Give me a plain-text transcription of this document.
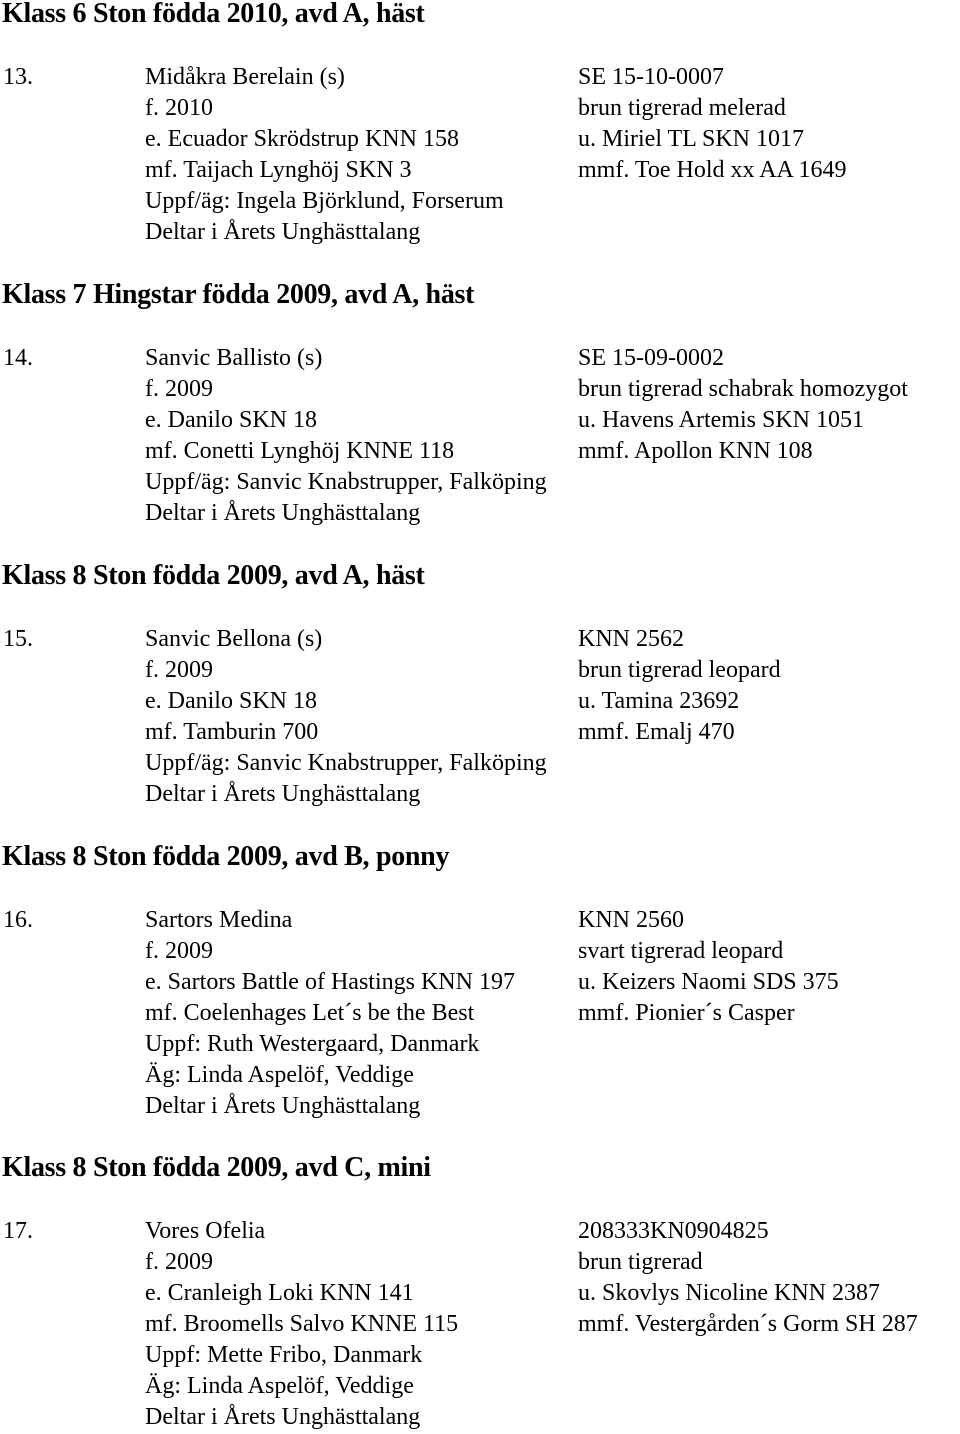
Klass 6 Ston födda 2010, avd A, häst
13.	Midåkra Berelain (s)	SE 15-10-0007
f. 2010	brun tigrerad melerad
e. Ecuador Skrödstrup KNN 158	u. Miriel TL SKN 1017
mf. Taijach Lynghöj SKN 3	mmf. Toe Hold xx AA 1649
Uppf/äg: Ingela Björklund, Forserum
Deltar i Årets Unghästtalang
Klass 7 Hingstar födda 2009, avd A, häst
14.	Sanvic Ballisto (s)	SE 15-09-0002
f. 2009	brun tigrerad schabrak homozygot
e. Danilo SKN 18	u. Havens Artemis SKN 1051
mf. Conetti Lynghöj KNNE 118	mmf. Apollon KNN 108
Uppf/äg: Sanvic Knabstrupper, Falköping
Deltar i Årets Unghästtalang
Klass 8 Ston födda 2009, avd A, häst
15.	Sanvic Bellona (s)	KNN 2562
f. 2009	brun tigrerad leopard
e. Danilo SKN 18	u. Tamina 23692
mf. Tamburin 700	mmf. Emalj 470
Uppf/äg: Sanvic Knabstrupper, Falköping
Deltar i Årets Unghästtalang
Klass 8 Ston födda 2009, avd B, ponny
16.	Sartors Medina	KNN 2560
f. 2009	svart tigrerad leopard
e. Sartors Battle of Hastings KNN 197	u. Keizers Naomi SDS 375
mf. Coelenhages Let´s be the Best	mmf. Pionier´s Casper
Uppf: Ruth Westergaard, Danmark
Äg: Linda Aspelöf, Veddige
Deltar i Årets Unghästtalang
Klass 8 Ston födda 2009, avd C, mini
17.	Vores Ofelia	208333KN0904825
f. 2009	brun tigrerad
e. Cranleigh Loki KNN 141	u. Skovlys Nicoline KNN 2387
mf. Broomells Salvo KNNE 115	mmf. Vestergården´s Gorm SH 287
Uppf: Mette Fribo, Danmark
Äg: Linda Aspelöf, Veddige
Deltar i Årets Unghästtalang
